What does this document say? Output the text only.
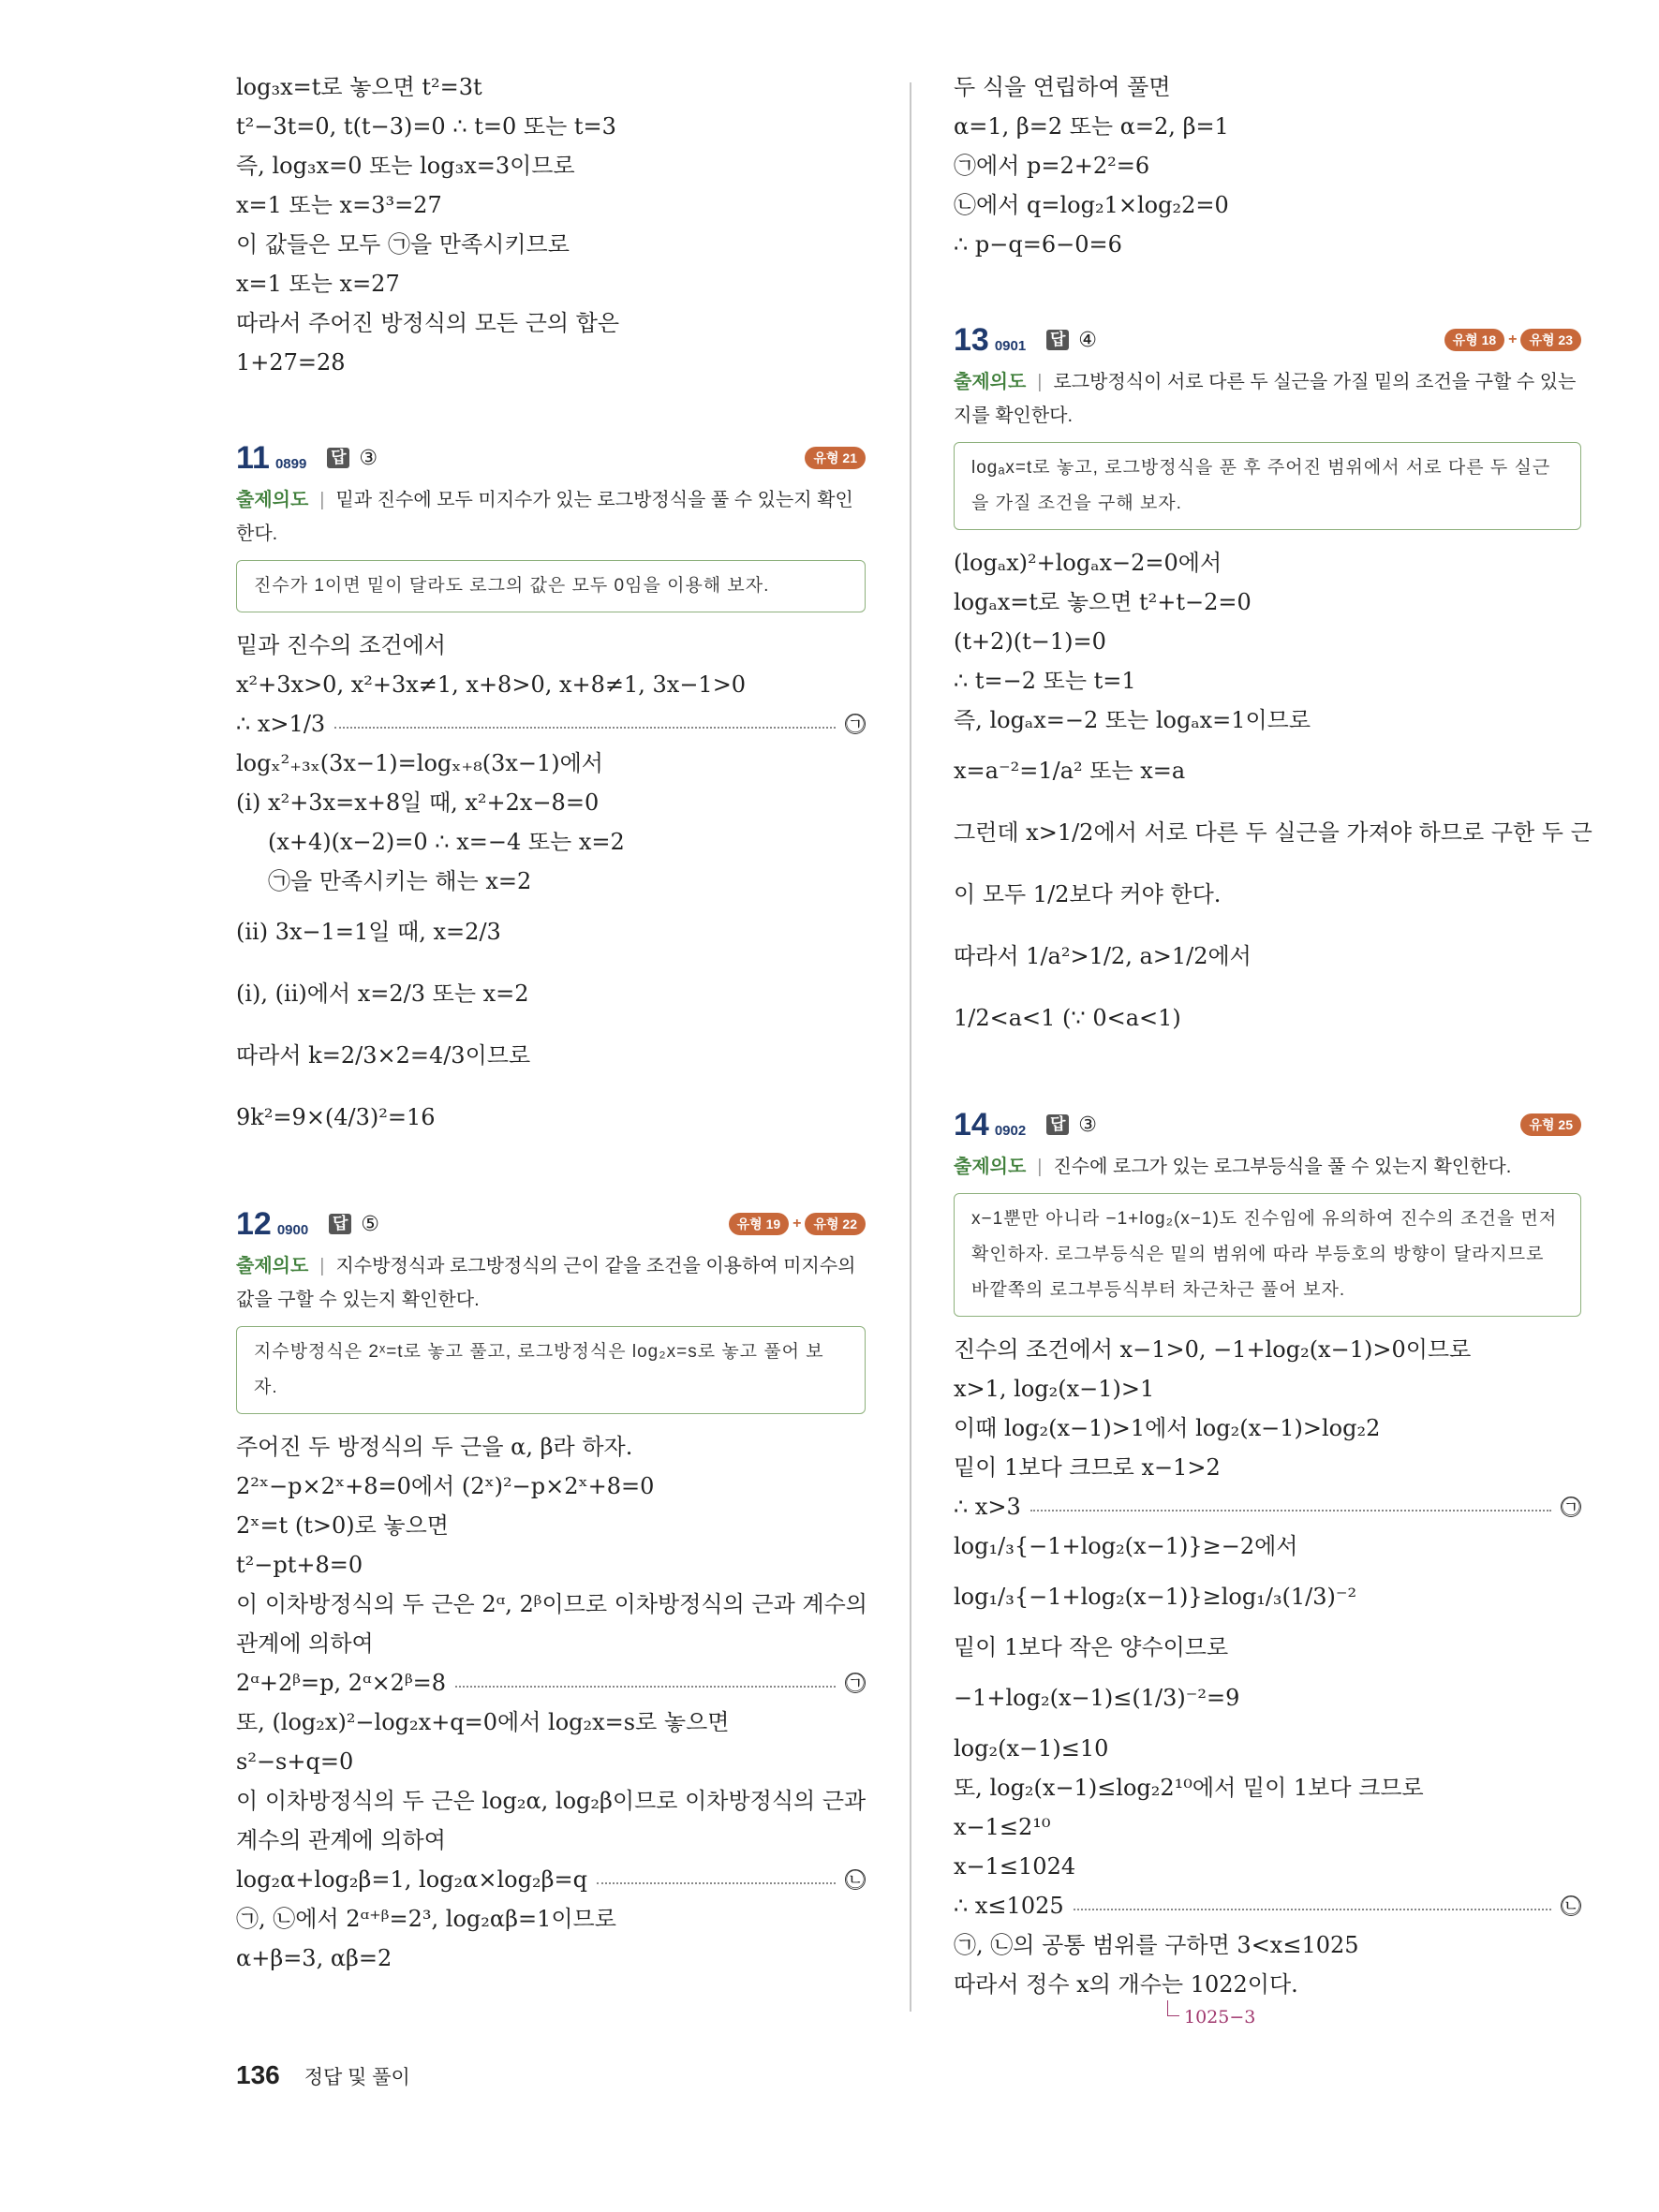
log₃x=t로 놓으면 t²=3t
t²−3t=0, t(t−3)=0 ∴ t=0 또는 t=3
즉, log₃x=0 또는 log₃x=3이므로
x=1 또는 x=3³=27
이 값들은 모두 ㉠을 만족시키므로
x=1 또는 x=27
따라서 주어진 방정식의 모든 근의 합은
1+27=28
11 0899 답 ③	유형 21
출제의도 | 밑과 진수에 모두 미지수가 있는 로그방정식을 풀 수 있는지 확인한다.
진수가 1이면 밑이 달라도 로그의 값은 모두 0임을 이용해 보자.
밑과 진수의 조건에서
x²+3x>0, x²+3x≠1, x+8>0, x+8≠1, 3x−1>0
∴ x>1/3	㉠
logₓ²₊₃ₓ(3x−1)=logₓ₊₈(3x−1)에서
(i) x²+3x=x+8일 때, x²+2x−8=0
(x+4)(x−2)=0 ∴ x=−4 또는 x=2
㉠을 만족시키는 해는 x=2
(ii) 3x−1=1일 때, x=2/3
(i), (ii)에서 x=2/3 또는 x=2
따라서 k=2/3×2=4/3이므로
9k²=9×(4/3)²=16
12 0900 답 ⑤	유형 19 + 유형 22
출제의도 | 지수방정식과 로그방정식의 근이 같을 조건을 이용하여 미지수의 값을 구할 수 있는지 확인한다.
지수방정식은 2ˣ=t로 놓고 풀고, 로그방정식은 log₂x=s로 놓고 풀어 보자.
주어진 두 방정식의 두 근을 α, β라 하자.
2²ˣ−p×2ˣ+8=0에서 (2ˣ)²−p×2ˣ+8=0
2ˣ=t (t>0)로 놓으면
t²−pt+8=0
이 이차방정식의 두 근은 2ᵅ, 2ᵝ이므로 이차방정식의 근과 계수의
관계에 의하여
2ᵅ+2ᵝ=p, 2ᵅ×2ᵝ=8	㉠
또, (log₂x)²−log₂x+q=0에서 log₂x=s로 놓으면
s²−s+q=0
이 이차방정식의 두 근은 log₂α, log₂β이므로 이차방정식의 근과
계수의 관계에 의하여
log₂α+log₂β=1, log₂α×log₂β=q	㉡
㉠, ㉡에서 2ᵅ⁺ᵝ=2³, log₂αβ=1이므로
α+β=3, αβ=2
두 식을 연립하여 풀면
α=1, β=2 또는 α=2, β=1
㉠에서 p=2+2²=6
㉡에서 q=log₂1×log₂2=0
∴ p−q=6−0=6
13 0901 답 ④	유형 18 + 유형 23
출제의도 | 로그방정식이 서로 다른 두 실근을 가질 밑의 조건을 구할 수 있는지를 확인한다.
logₐx=t로 놓고, 로그방정식을 푼 후 주어진 범위에서 서로 다른 두 실근을 가질 조건을 구해 보자.
(logₐx)²+logₐx−2=0에서
logₐx=t로 놓으면 t²+t−2=0
(t+2)(t−1)=0
∴ t=−2 또는 t=1
즉, logₐx=−2 또는 logₐx=1이므로
x=a⁻²=1/a² 또는 x=a
그런데 x>1/2에서 서로 다른 두 실근을 가져야 하므로 구한 두 근
이 모두 1/2보다 커야 한다.
따라서 1/a²>1/2, a>1/2에서
1/2<a<1 (∵ 0<a<1)
14 0902 답 ③	유형 25
출제의도 | 진수에 로그가 있는 로그부등식을 풀 수 있는지 확인한다.
x−1뿐만 아니라 −1+log₂(x−1)도 진수임에 유의하여 진수의 조건을 먼저 확인하자. 로그부등식은 밑의 범위에 따라 부등호의 방향이 달라지므로 바깥쪽의 로그부등식부터 차근차근 풀어 보자.
진수의 조건에서 x−1>0, −1+log₂(x−1)>0이므로
x>1, log₂(x−1)>1
이때 log₂(x−1)>1에서 log₂(x−1)>log₂2
밑이 1보다 크므로 x−1>2
∴ x>3	㉠
log₁/₃{−1+log₂(x−1)}≥−2에서
log₁/₃{−1+log₂(x−1)}≥log₁/₃(1/3)⁻²
밑이 1보다 작은 양수이므로
−1+log₂(x−1)≤(1/3)⁻²=9
log₂(x−1)≤10
또, log₂(x−1)≤log₂2¹⁰에서 밑이 1보다 크므로
x−1≤2¹⁰
x−1≤1024
∴ x≤1025	㉡
㉠, ㉡의 공통 범위를 구하면 3<x≤1025
따라서 정수 x의 개수는 1022이다.
1025−3
136 정답 및 풀이
